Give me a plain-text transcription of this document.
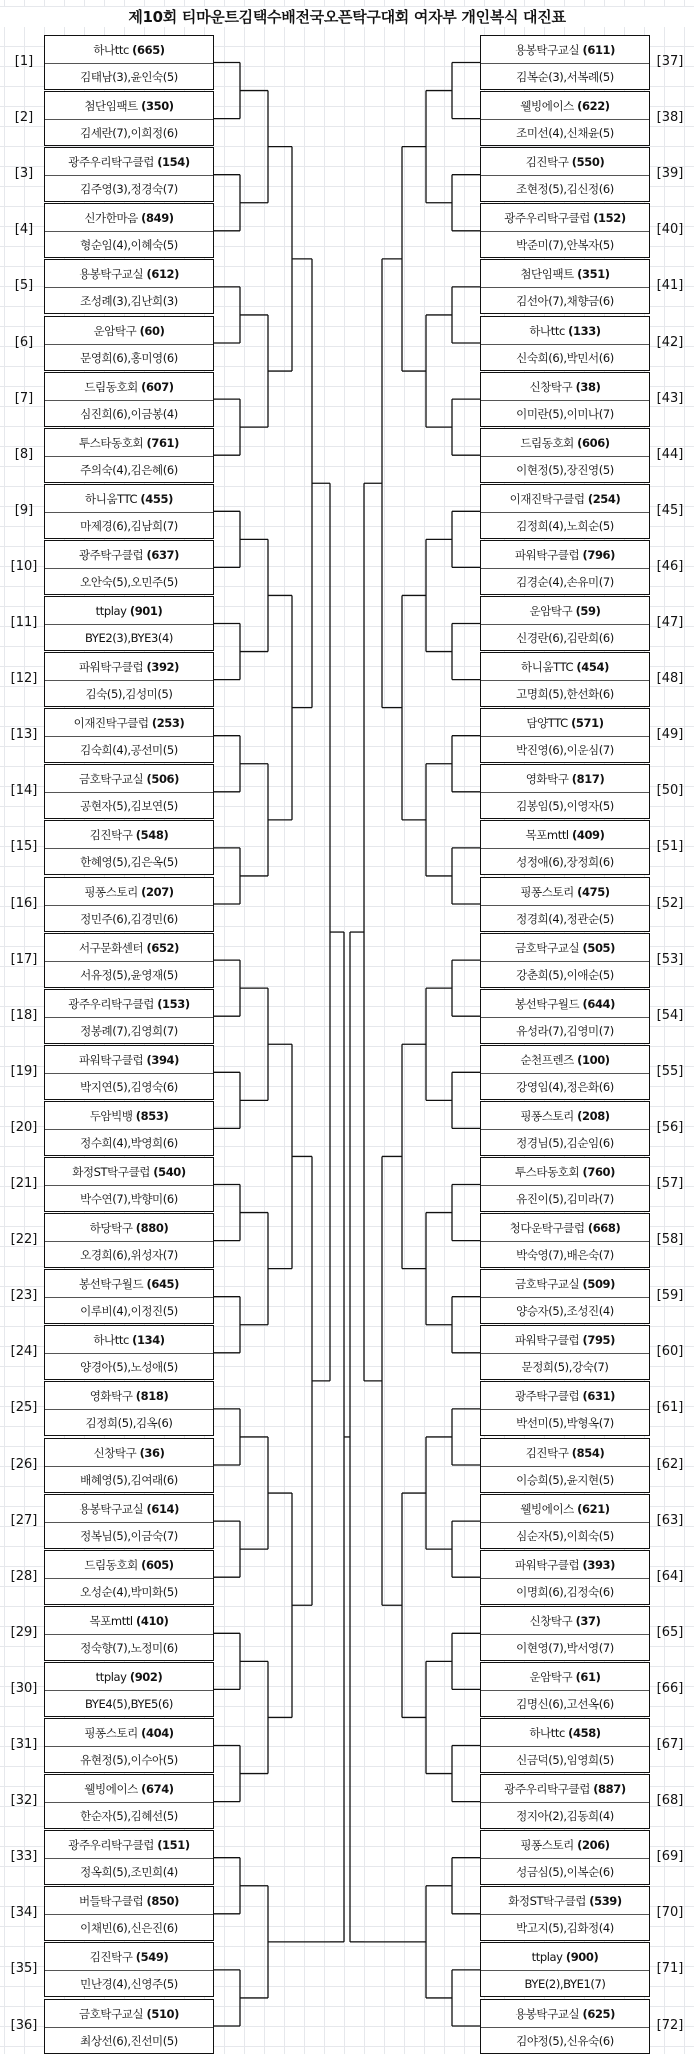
제10회 티마운트김택수배전국오픈탁구대회 여자부 개인복식 대진표
[1]
하나ttc (665)
김태남(3),윤인숙(5)
[2]
첨단임팩트 (350)
김세란(7),이희정(6)
[3]
광주우리탁구클럽 (154)
김주영(3),정경숙(7)
[4]
신가한마음 (849)
형순임(4),이혜숙(5)
[5]
용봉탁구교실 (612)
조성례(3),김난희(3)
[6]
운암탁구 (60)
문영희(6),홍미영(6)
[7]
드림동호회 (607)
심진희(6),이금봉(4)
[8]
투스타동호회 (761)
주의숙(4),김은혜(6)
[9]
하니움TTC (455)
마제경(6),김남희(7)
[10]
광주탁구클럽 (637)
오안숙(5),오민주(5)
[11]
ttplay (901)
BYE2(3),BYE3(4)
[12]
파워탁구클럽 (392)
김숙(5),김성미(5)
[13]
이재진탁구클럽 (253)
김숙희(4),공선미(5)
[14]
금호탁구교실 (506)
공현자(5),김보연(5)
[15]
김진탁구 (548)
한혜영(5),김은옥(5)
[16]
핑퐁스토리 (207)
정민주(6),김경민(6)
[17]
서구문화센터 (652)
서유정(5),윤영재(5)
[18]
광주우리탁구클럽 (153)
정봉례(7),김영희(7)
[19]
파워탁구클럽 (394)
박지연(5),김영숙(6)
[20]
두암빅뱅 (853)
정수희(4),박영희(6)
[21]
화정ST탁구클럽 (540)
박수연(7),박향미(6)
[22]
하당탁구 (880)
오경희(6),위성자(7)
[23]
봉선탁구월드 (645)
이루비(4),이정진(5)
[24]
하나ttc (134)
양경아(5),노성애(5)
[25]
영화탁구 (818)
김정희(5),김옥(6)
[26]
신창탁구 (36)
배혜영(5),김여래(6)
[27]
용봉탁구교실 (614)
정복님(5),이금숙(7)
[28]
드림동호회 (605)
오성순(4),박미화(5)
[29]
목포mttl (410)
정숙향(7),노정미(6)
[30]
ttplay (902)
BYE4(5),BYE5(6)
[31]
핑퐁스토리 (404)
유현정(5),이수아(5)
[32]
웰빙에이스 (674)
한순자(5),김혜선(5)
[33]
광주우리탁구클럽 (151)
정옥희(5),조민희(4)
[34]
버들탁구클럽 (850)
이채빈(6),신은진(6)
[35]
김진탁구 (549)
민난경(4),신영주(5)
[36]
금호탁구교실 (510)
최상선(6),진선미(5)
[37]
용봉탁구교실 (611)
김복순(3),서복례(5)
[38]
웰빙에이스 (622)
조미선(4),신채윤(5)
[39]
김진탁구 (550)
조현정(5),김신정(6)
[40]
광주우리탁구클럽 (152)
박준미(7),안복자(5)
[41]
첨단임팩트 (351)
김선아(7),채향금(6)
[42]
하나ttc (133)
신숙희(6),박민서(6)
[43]
신창탁구 (38)
이미란(5),이미나(7)
[44]
드림동호회 (606)
이현정(5),장진영(5)
[45]
이재진탁구클럽 (254)
김정희(4),노희순(5)
[46]
파워탁구클럽 (796)
김경순(4),손유미(7)
[47]
운암탁구 (59)
신경란(6),김란희(6)
[48]
하니움TTC (454)
고명희(5),한선화(6)
[49]
담양TTC (571)
박진영(6),이운심(7)
[50]
영화탁구 (817)
김봉임(5),이영자(5)
[51]
목포mttl (409)
성정애(6),장정희(6)
[52]
핑퐁스토리 (475)
정경희(4),정관순(5)
[53]
금호탁구교실 (505)
강춘희(5),이애순(5)
[54]
봉선탁구월드 (644)
유성라(7),김영미(7)
[55]
순천프렌즈 (100)
강영임(4),정은화(6)
[56]
핑퐁스토리 (208)
정경님(5),김순임(6)
[57]
투스타동호회 (760)
유진이(5),김미라(7)
[58]
청다운탁구클럽 (668)
박숙영(7),배은숙(7)
[59]
금호탁구교실 (509)
양승자(5),조성진(4)
[60]
파워탁구클럽 (795)
문정희(5),강숙(7)
[61]
광주탁구클럽 (631)
박선미(5),박형옥(7)
[62]
김진탁구 (854)
이승희(5),윤지현(5)
[63]
웰빙에이스 (621)
심순자(5),이희숙(5)
[64]
파워탁구클럽 (393)
이명희(6),김정숙(6)
[65]
신창탁구 (37)
이현영(7),박서영(7)
[66]
운암탁구 (61)
김명신(6),고선옥(6)
[67]
하나ttc (458)
신금덕(5),임영희(5)
[68]
광주우리탁구클럽 (887)
정지아(2),김동희(4)
[69]
핑퐁스토리 (206)
성금심(5),이복순(6)
[70]
화정ST탁구클럽 (539)
박고지(5),김화정(4)
[71]
ttplay (900)
BYE(2),BYE1(7)
[72]
용봉탁구교실 (625)
김야정(5),신유숙(6)
